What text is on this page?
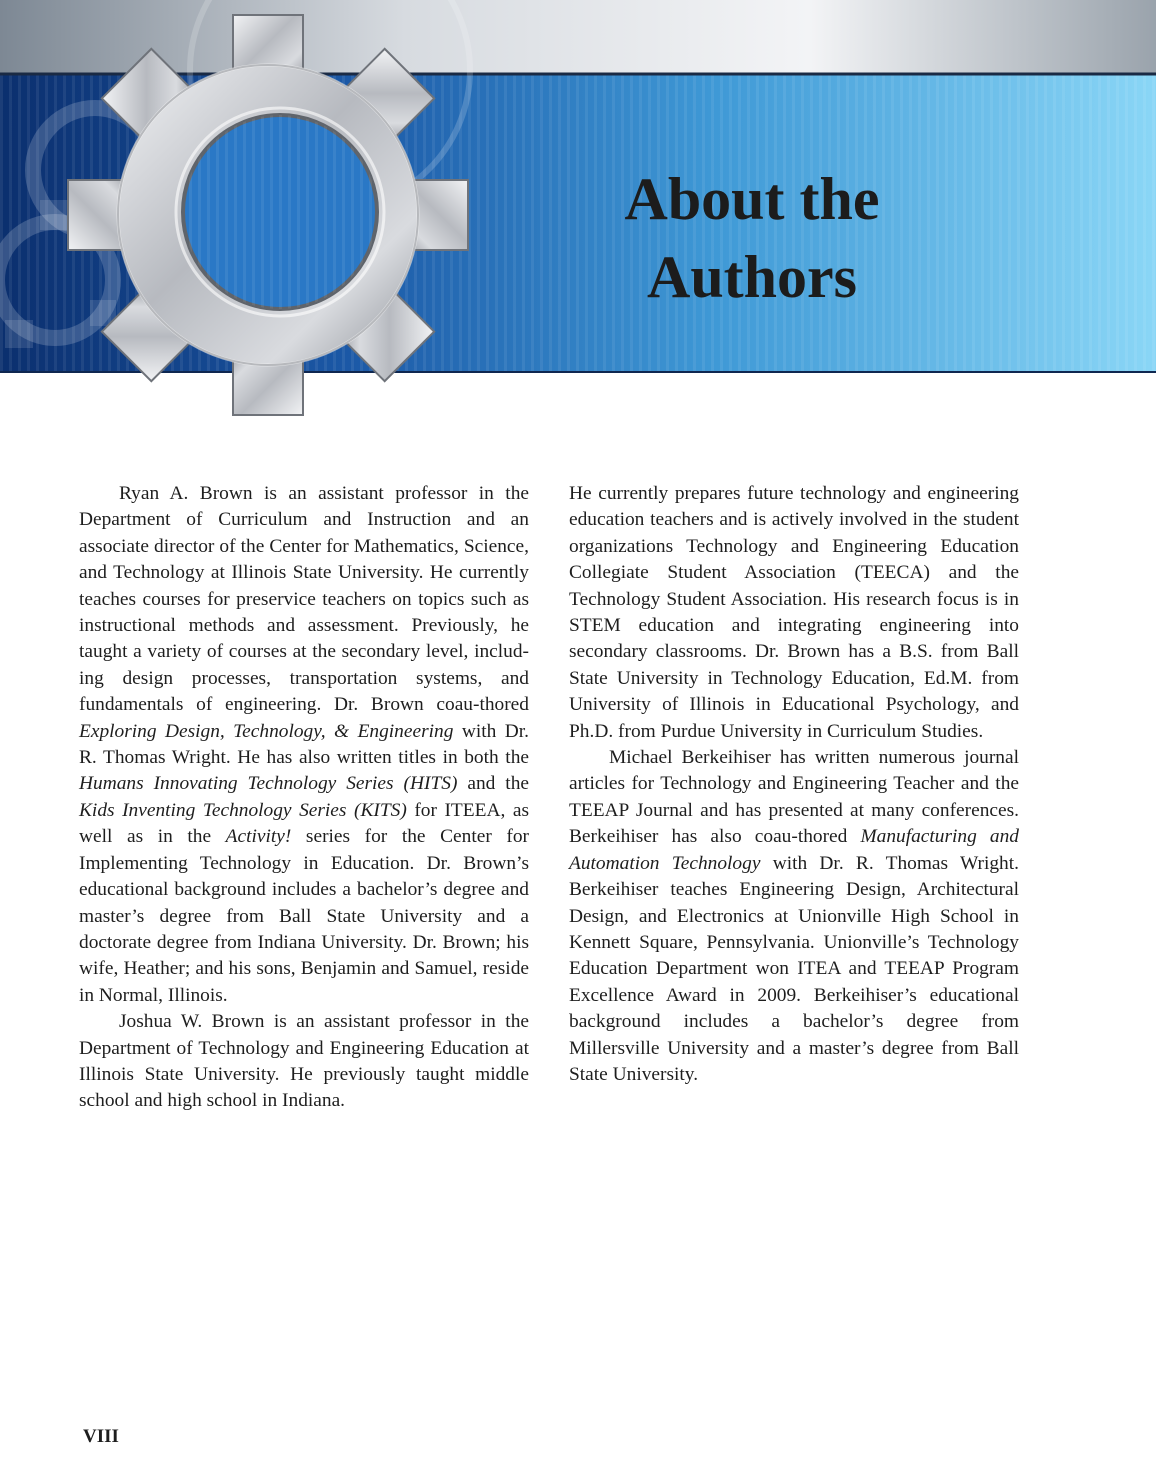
About the
Authors

Ryan A. Brown is an assistant professor in the Department of Curriculum and Instruction and an associate director of the Center for Mathematics, Science, and Technology at Illinois State University. He currently teaches courses for preservice teachers on topics such as instructional methods and assessment. Previously, he taught a variety of courses at the secondary level, includ-ing design processes, transportation systems, and fundamentals of engineering. Dr. Brown coau-thored Exploring Design, Technology, & Engineering with Dr. R. Thomas Wright. He has also written titles in both the Humans Innovating Technology Series (HITS) and the Kids Inventing Technology Series (KITS) for ITEEA, as well as in the Activity! series for the Center for Implementing Technology in Education. Dr. Brown’s educational background includes a bachelor’s degree and master’s degree from Ball State University and a doctorate degree from Indiana University. Dr. Brown; his wife, Heather; and his sons, Benjamin and Samuel, reside in Normal, Illinois.

Joshua W. Brown is an assistant professor in the Department of Technology and Engineering Education at Illinois State University. He previously taught middle school and high school in Indiana.

He currently prepares future technology and engineering education teachers and is actively involved in the student organizations Technology and Engineering Education Collegiate Student Association (TEECA) and the Technology Student Association. His research focus is in STEM education and integrating engineering into secondary classrooms. Dr. Brown has a B.S. from Ball State University in Technology Education, Ed.M. from University of Illinois in Educational Psychology, and Ph.D. from Purdue University in Curriculum Studies.

Michael Berkeihiser has written numerous journal articles for Technology and Engineering Teacher and the TEEAP Journal and has presented at many conferences. Berkeihiser has also coau-thored Manufacturing and Automation Technology with Dr. R. Thomas Wright. Berkeihiser teaches Engineering Design, Architectural Design, and Electronics at Unionville High School in Kennett Square, Pennsylvania. Unionville’s Technology Education Department won ITEA and TEEAP Program Excellence Award in 2009. Berkeihiser’s educational background includes a bachelor’s degree from Millersville University and a master’s degree from Ball State University.

VIII
